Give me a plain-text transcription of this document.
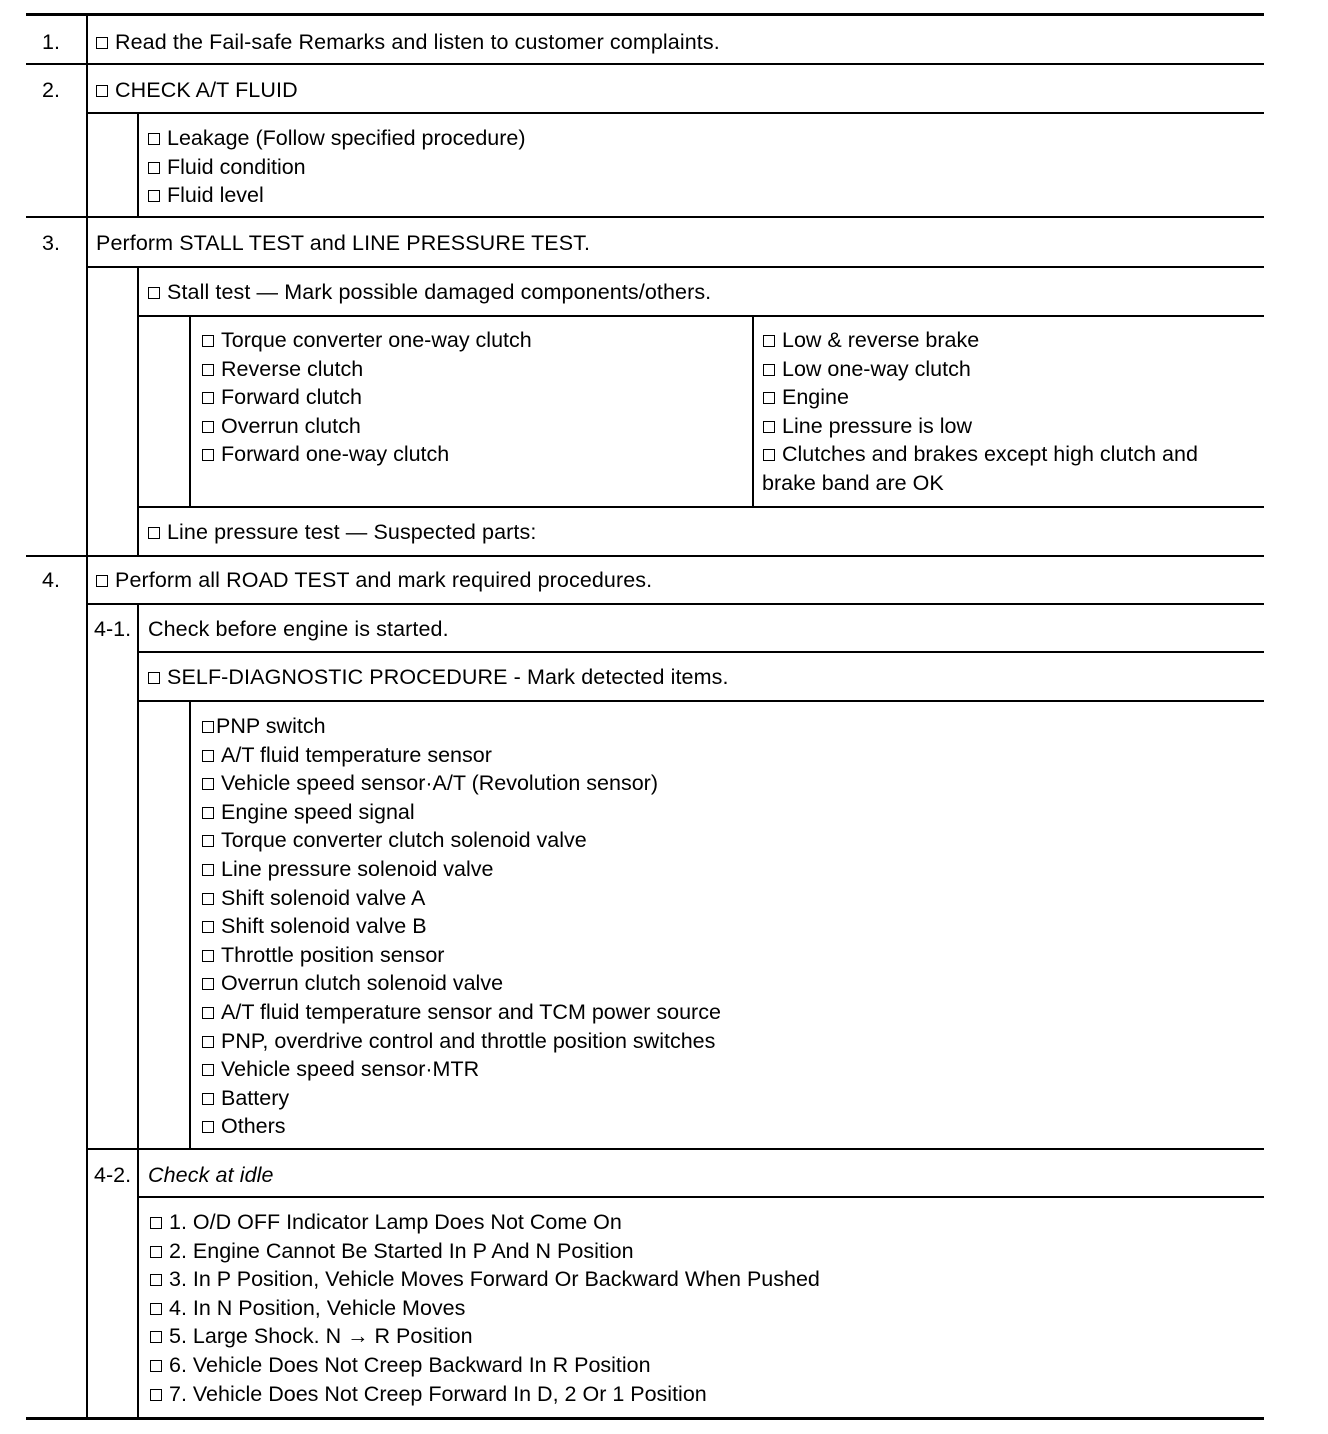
1.	Read the Fail-safe Remarks and listen to customer complaints.
2.	CHECK A/T FLUID
Leakage (Follow specified procedure)
Fluid condition
Fluid level
3. Perform STALL TEST and LINE PRESSURE TEST.
Stall test — Mark possible damaged components/others.
Torque converter one-way clutch
Reverse clutch
Forward clutch
Overrun clutch
Forward one-way clutch
Low & reverse brake
Low one-way clutch
Engine
Line pressure is low
Clutches and brakes except high clutch and
brake band are OK
Line pressure test — Suspected parts:
4.	Perform all ROAD TEST and mark required procedures.
4-1. Check before engine is started.
SELF-DIAGNOSTIC PROCEDURE - Mark detected items.
PNP switch
A/T fluid temperature sensor
Vehicle speed sensor·A/T (Revolution sensor)
Engine speed signal
Torque converter clutch solenoid valve
Line pressure solenoid valve
Shift solenoid valve A
Shift solenoid valve B
Throttle position sensor
Overrun clutch solenoid valve
A/T fluid temperature sensor and TCM power source
PNP, overdrive control and throttle position switches
Vehicle speed sensor·MTR
Battery
Others
4-2. Check at idle
1. O/D OFF Indicator Lamp Does Not Come On
2. Engine Cannot Be Started In P And N Position
3. In P Position, Vehicle Moves Forward Or Backward When Pushed
4. In N Position, Vehicle Moves
5. Large Shock. N → R Position
6. Vehicle Does Not Creep Backward In R Position
7. Vehicle Does Not Creep Forward In D, 2 Or 1 Position
